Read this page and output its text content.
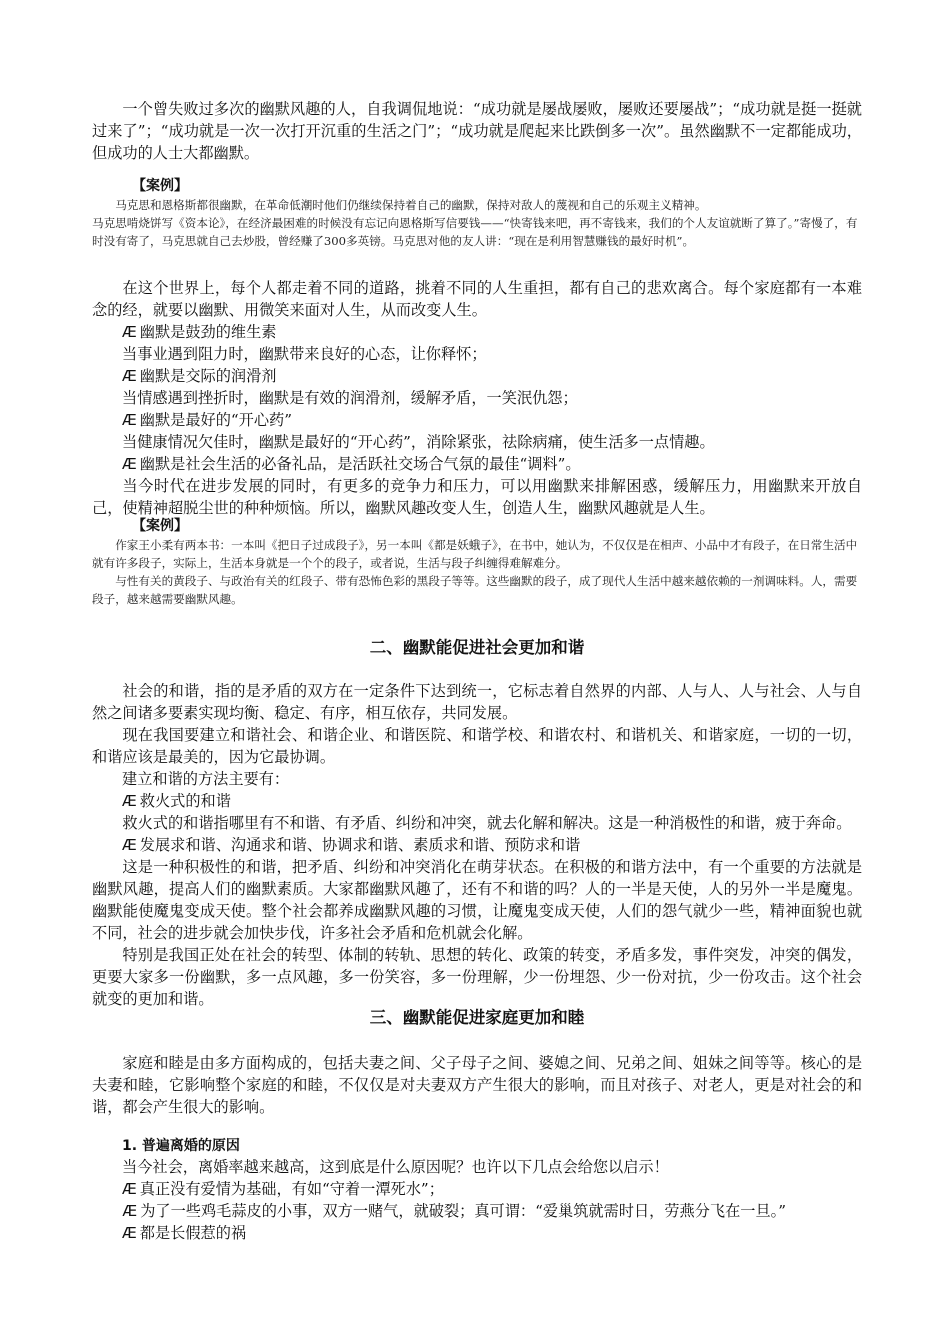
一个曾失败过多次的幽默风趣的人，自我调侃地说：“成功就是屡战屡败，屡败还要屡战”；“成功就是挺一挺就过来了”；“成功就是一次一次打开沉重的生活之门”；“成功就是爬起来比跌倒多一次”。虽然幽默不一定都能成功，但成功的人士大都幽默。

【案例】

马克思和恩格斯都很幽默，在革命低潮时他们仍继续保持着自己的幽默，保持对敌人的蔑视和自己的乐观主义精神。

马克思啃烧饼写《资本论》，在经济最困难的时候没有忘记向恩格斯写信要钱——“快寄钱来吧，再不寄钱来，我们的个人友谊就断了算了。”寄慢了，有时没有寄了，马克思就自己去炒股，曾经赚了300多英镑。马克思对他的友人讲：“现在是利用智慧赚钱的最好时机”。

在这个世界上，每个人都走着不同的道路，挑着不同的人生重担，都有自己的悲欢离合。每个家庭都有一本难念的经，就要以幽默、用微笑来面对人生，从而改变人生。

Æ 幽默是鼓劲的维生素

当事业遇到阻力时，幽默带来良好的心态，让你释怀；

Æ 幽默是交际的润滑剂

当情感遇到挫折时，幽默是有效的润滑剂，缓解矛盾，一笑泯仇怨；

Æ 幽默是最好的“开心药”

当健康情况欠佳时，幽默是最好的“开心药”，消除紧张，祛除病痛，使生活多一点情趣。

Æ 幽默是社会生活的必备礼品，是活跃社交场合气氛的最佳“调料”。

当今时代在进步发展的同时，有更多的竞争力和压力，可以用幽默来排解困惑，缓解压力，用幽默来开放自己，使精神超脱尘世的种种烦恼。所以，幽默风趣改变人生，创造人生，幽默风趣就是人生。

【案例】

作家王小柔有两本书：一本叫《把日子过成段子》，另一本叫《都是妖蛾子》，在书中，她认为，不仅仅是在相声、小品中才有段子，在日常生活中就有许多段子，实际上，生活本身就是一个个的段子，或者说，生活与段子纠缠得难解难分。

与性有关的黄段子、与政治有关的红段子、带有恐怖色彩的黑段子等等。这些幽默的段子，成了现代人生活中越来越依赖的一剂调味料。人，需要段子，越来越需要幽默风趣。

二、幽默能促进社会更加和谐

社会的和谐，指的是矛盾的双方在一定条件下达到统一，它标志着自然界的内部、人与人、人与社会、人与自然之间诸多要素实现均衡、稳定、有序，相互依存，共同发展。

现在我国要建立和谐社会、和谐企业、和谐医院、和谐学校、和谐农村、和谐机关、和谐家庭，一切的一切，和谐应该是最美的，因为它最协调。

建立和谐的方法主要有：

Æ 救火式的和谐

救火式的和谐指哪里有不和谐、有矛盾、纠纷和冲突，就去化解和解决。这是一种消极性的和谐，疲于奔命。

Æ 发展求和谐、沟通求和谐、协调求和谐、素质求和谐、预防求和谐

这是一种积极性的和谐，把矛盾、纠纷和冲突消化在萌芽状态。在积极的和谐方法中，有一个重要的方法就是幽默风趣，提高人们的幽默素质。大家都幽默风趣了，还有不和谐的吗？人的一半是天使，人的另外一半是魔鬼。幽默能使魔鬼变成天使。整个社会都养成幽默风趣的习惯，让魔鬼变成天使，人们的怨气就少一些，精神面貌也就不同，社会的进步就会加快步伐，许多社会矛盾和危机就会化解。

特别是我国正处在社会的转型、体制的转轨、思想的转化、政策的转变，矛盾多发，事件突发，冲突的偶发，更要大家多一份幽默，多一点风趣，多一份笑容，多一份理解，少一份埋怨、少一份对抗，少一份攻击。这个社会就变的更加和谐。

三、幽默能促进家庭更加和睦

家庭和睦是由多方面构成的，包括夫妻之间、父子母子之间、婆媳之间、兄弟之间、姐妹之间等等。核心的是夫妻和睦，它影响整个家庭的和睦，不仅仅是对夫妻双方产生很大的影响，而且对孩子、对老人，更是对社会的和谐，都会产生很大的影响。

1. 普遍离婚的原因

当今社会，离婚率越来越高，这到底是什么原因呢？也许以下几点会给您以启示！

Æ 真正没有爱情为基础，有如“守着一潭死水”；

Æ 为了一些鸡毛蒜皮的小事，双方一赌气，就破裂；真可谓：“爱巢筑就需时日，劳燕分飞在一旦。”

Æ 都是长假惹的祸
